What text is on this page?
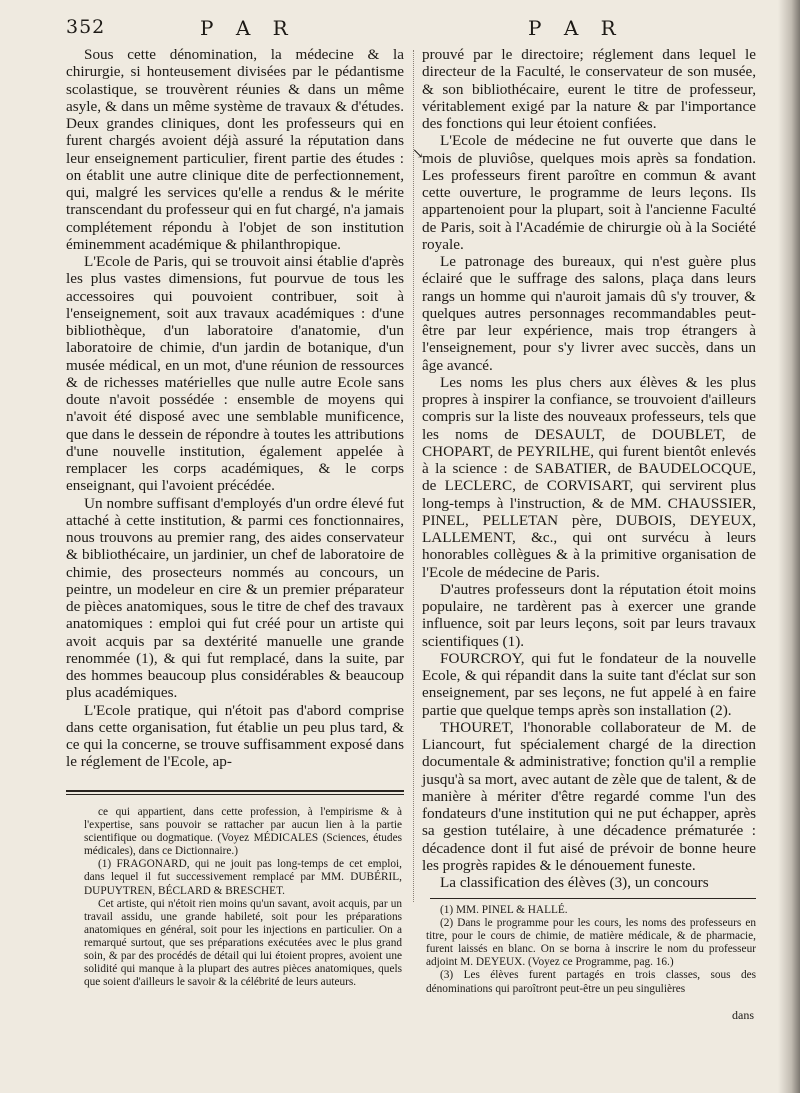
352	P A R	P A R
↘

Sous cette dénomination, la médecine & la chirurgie, si honteusement divisées par le pédantisme scolastique, se trouvèrent réunies & dans un même asyle, & dans un même système de travaux & d'études. Deux grandes cliniques, dont les professeurs qui en furent chargés avoient déjà assuré la réputation dans leur enseignement particulier, firent partie des études : on établit une autre clinique dite de perfectionnement, qui, malgré les services qu'elle a rendus & le mérite transcendant du professeur qui en fut chargé, n'a jamais complétement répondu à l'objet de son institution éminemment académique & philanthropique.

L'Ecole de Paris, qui se trouvoit ainsi établie d'après les plus vastes dimensions, fut pourvue de tous les accessoires qui pouvoient contribuer, soit à l'enseignement, soit aux travaux académiques : d'une bibliothèque, d'un laboratoire d'anatomie, d'un laboratoire de chimie, d'un jardin de botanique, d'un musée médical, en un mot, d'une réunion de ressources & de richesses matérielles que nulle autre Ecole sans doute n'avoit possédée : ensemble de moyens qui n'avoit été disposé avec une semblable munificence, que dans le dessein de répondre à toutes les attributions d'une nouvelle institution, également appelée à remplacer les corps académiques, & le corps enseignant, qui l'avoient précédée.

Un nombre suffisant d'employés d'un ordre élevé fut attaché à cette institution, & parmi ces fonctionnaires, nous trouvons au premier rang, des aides conservateur & bibliothécaire, un jardinier, un chef de laboratoire de chimie, des prosecteurs nommés au concours, un peintre, un modeleur en cire & un premier préparateur de pièces anatomiques, sous le titre de chef des travaux anatomiques : emploi qui fut créé pour un artiste qui avoit acquis par sa dextérité manuelle une grande renommée (1), & qui fut remplacé, dans la suite, par des hommes beaucoup plus considérables & beaucoup plus académiques.

L'Ecole pratique, qui n'étoit pas d'abord comprise dans cette organisation, fut établie un peu plus tard, & ce qui la concerne, se trouve suffisamment exposé dans le réglement de l'Ecole, ap-

prouvé par le directoire; réglement dans lequel le directeur de la Faculté, le conservateur de son musée, & son bibliothécaire, eurent le titre de professeur, véritablement exigé par la nature & par l'importance des fonctions qui leur étoient confiées.

L'Ecole de médecine ne fut ouverte que dans le mois de pluviôse, quelques mois après sa fondation. Les professeurs firent paroître en commun & avant cette ouverture, le programme de leurs leçons. Ils appartenoient pour la plupart, soit à l'ancienne Faculté de Paris, soit à l'Académie de chirurgie où à la Société royale.

Le patronage des bureaux, qui n'est guère plus éclairé que le suffrage des salons, plaça dans leurs rangs un homme qui n'auroit jamais dû s'y trouver, & quelques autres personnages recommandables peut-être par leur expérience, mais trop étrangers à l'enseignement, pour s'y livrer avec succès, dans un âge avancé.

Les noms les plus chers aux élèves & les plus propres à inspirer la confiance, se trouvoient d'ailleurs compris sur la liste des nouveaux professeurs, tels que les noms de DESAULT, de DOUBLET, de CHOPART, de PEYRILHE, qui furent bientôt enlevés à la science : de SABATIER, de BAUDELOCQUE, de LECLERC, de CORVISART, qui servirent plus long-temps à l'instruction, & de MM. CHAUSSIER, PINEL, PELLETAN père, DUBOIS, DEYEUX, LALLEMENT, &c., qui ont survécu à leurs honorables collègues & à la primitive organisation de l'Ecole de médecine de Paris.

D'autres professeurs dont la réputation étoit moins populaire, ne tardèrent pas à exercer une grande influence, soit par leurs leçons, soit par leurs travaux scientifiques (1).

FOURCROY, qui fut le fondateur de la nouvelle Ecole, & qui répandit dans la suite tant d'éclat sur son enseignement, par ses leçons, ne fut appelé à en faire partie que quelque temps après son installation (2).

THOURET, l'honorable collaborateur de M. de Liancourt, fut spécialement chargé de la direction documentale & administrative; fonction qu'il a remplie jusqu'à sa mort, avec autant de zèle que de talent, & de manière à mériter d'être regardé comme l'un des fondateurs d'une institution qui ne put échapper, après sa gestion tutélaire, à une décadence prématurée : décadence dont il fut aisé de prévoir de bonne heure les progrès rapides & le dénouement funeste.

La classification des élèves (3), un concours

ce qui appartient, dans cette profession, à l'empirisme & à l'expertise, sans pouvoir se rattacher par aucun lien à la partie scientifique ou dogmatique. (Voyez MÉDICALES (Sciences, études médicales), dans ce Dictionnaire.)

(1) FRAGONARD, qui ne jouit pas long-temps de cet emploi, dans lequel il fut successivement remplacé par MM. DUBÉRIL, DUPUYTREN, BÉCLARD & BRESCHET.

Cet artiste, qui n'étoit rien moins qu'un savant, avoit acquis, par un travail assidu, une grande habileté, soit pour les préparations anatomiques en général, soit pour les injections en particulier. On a remarqué surtout, que ses préparations exécutées avec le plus grand soin, & par des procédés de détail qui lui étoient propres, avoient une solidité qui manque à la plupart des autres pièces anatomiques, quels que soient d'ailleurs le savoir & la célébrité de leurs auteurs.

(1) MM. PINEL & HALLÉ.

(2) Dans le programme pour les cours, les noms des professeurs en titre, pour le cours de chimie, de matière médicale, & de pharmacie, furent laissés en blanc. On se borna à inscrire le nom du professeur adjoint M. DEYEUX. (Voyez ce Programme, pag. 16.)

(3) Les élèves furent partagés en trois classes, sous des dénominations qui paroîtront peut-être un peu singulières

dans
